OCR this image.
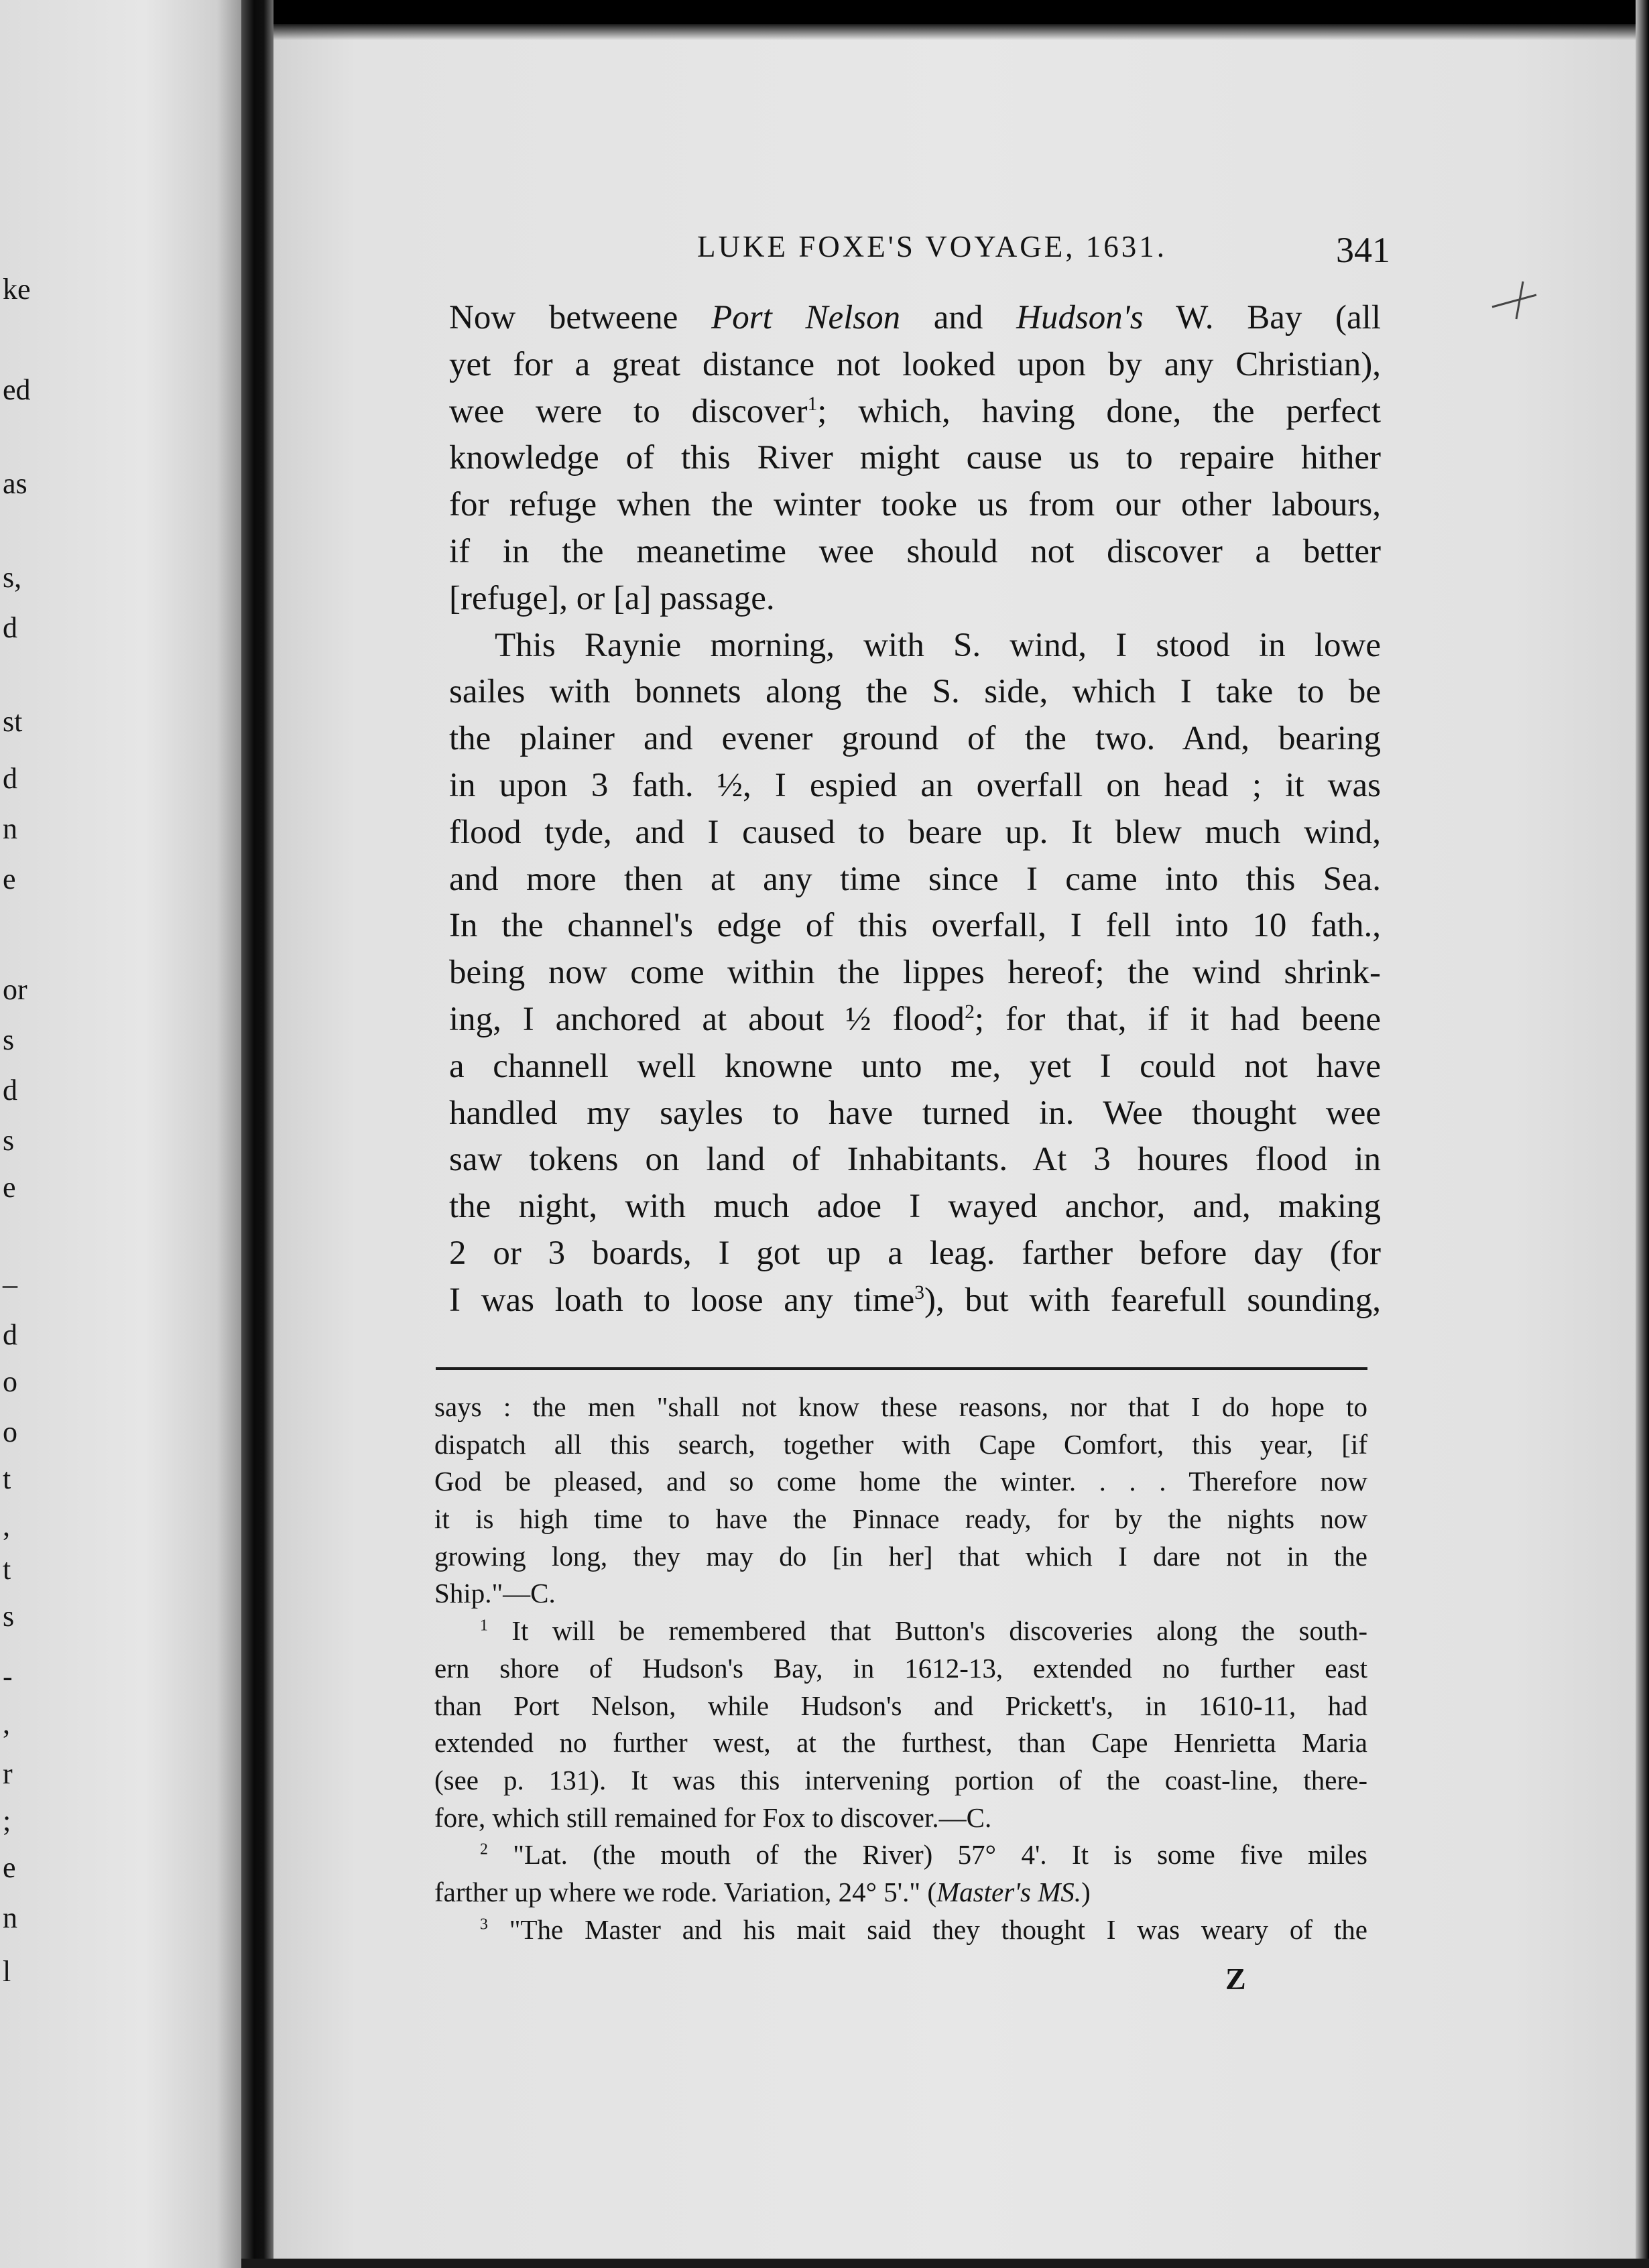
ke
ed
as
s,
d
st
d
n
e
or
s
d
s
e
–
d
o
o
t
,
t
s
-
,
r
;
e
n
l
LUKE FOXE'S VOYAGE, 1631.	341
Now betweene Port Nelson and Hudson's W. Bay (all
yet for a great distance not looked upon by any Christian),
wee were to discover$^1$; which, having done, the perfect
knowledge of this River might cause us to repaire hither
for refuge when the winter tooke us from our other labours,
if in the meanetime wee should not discover a better
[refuge], or [a] passage.
This Raynie morning, with S. wind, I stood in lowe
sailes with bonnets along the S. side, which I take to be
the plainer and evener ground of the two. And, bearing
in upon 3 fath. ½, I espied an overfall on head ; it was
flood tyde, and I caused to beare up. It blew much wind,
and more then at any time since I came into this Sea.
In the channel's edge of this overfall, I fell into 10 fath.,
being now come within the lippes hereof; the wind shrink-
ing, I anchored at about ½ flood$^2$; for that, if it had beene
a channell well knowne unto me, yet I could not have
handled my sayles to have turned in. Wee thought wee
saw tokens on land of Inhabitants. At 3 houres flood in
the night, with much adoe I wayed anchor, and, making
2 or 3 boards, I got up a leag. farther before day (for
I was loath to loose any time$^3$), but with fearefull sounding,
says : the men "shall not know these reasons, nor that I do hope to
dispatch all this search, together with Cape Comfort, this year, [if
God be pleased, and so come home the winter. . . . Therefore now
it is high time to have the Pinnace ready, for by the nights now
growing long, they may do [in her] that which I dare not in the
Ship."—C.
$^1$ It will be remembered that Button's discoveries along the south-
ern shore of Hudson's Bay, in 1612-13, extended no further east
than Port Nelson, while Hudson's and Prickett's, in 1610-11, had
extended no further west, at the furthest, than Cape Henrietta Maria
(see p. 131). It was this intervening portion of the coast-line, there-
fore, which still remained for Fox to discover.—C.
$^2$ "Lat. (the mouth of the River) 57° 4'. It is some five miles
farther up where we rode. Variation, 24° 5'." (Master's MS.)
$^3$ "The Master and his mait said they thought I was weary of the
Z
